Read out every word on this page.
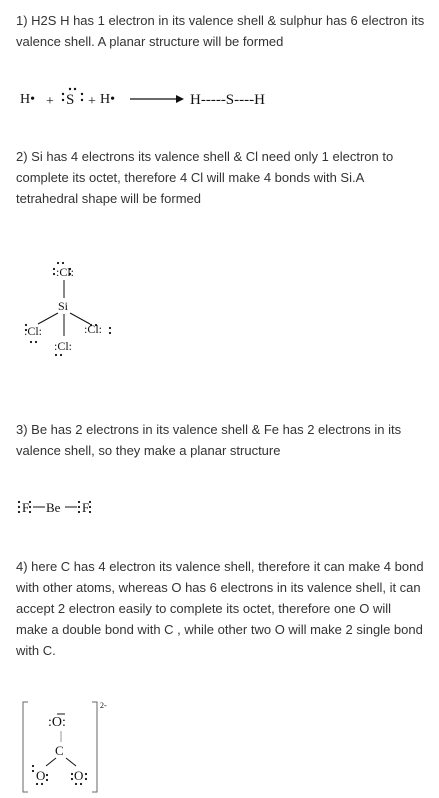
1) H2S H has 1 electron in its valence shell & sulphur has 6 electron its valence shell. A planar structure will be formed

H• + S + H•	H-----S----H

2) Si has 4 electrons its valence shell & Cl need only 1 electron to complete its octet, therefore 4 Cl will make 4 bonds with Si.A tetrahedral shape will be formed

:Cl:
Si
:Cl:	:Cl:
:Cl:

3) Be has 2 electrons in its valence shell & Fe has 2 electrons in its valence shell, so they make a planar structure

F Be F

4) here C has 4 electron its valence shell, therefore it can make 4 bond with other atoms, whereas O has 6 electrons in its valence shell, it can accept 2 electron easily to complete its octet, therefore one O will make a double bond with C , while other two O will make 2 single bond with C.

2-
:O:
C
O O
